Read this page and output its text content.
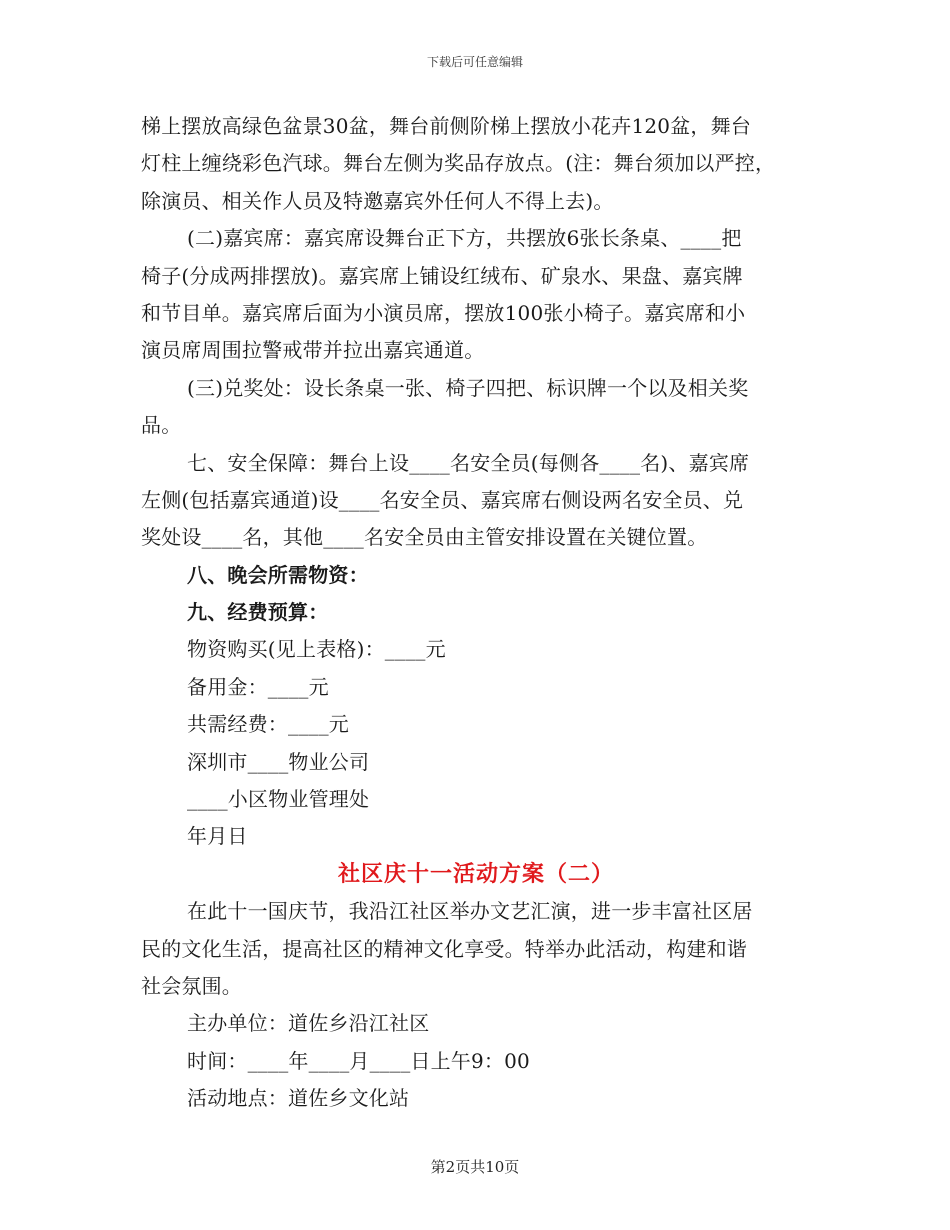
下载后可任意编辑
梯上摆放高绿色盆景30盆，舞台前侧阶梯上摆放小花卉120盆，舞台
灯柱上缠绕彩色汽球。舞台左侧为奖品存放点。(注：舞台须加以严控，
除演员、相关作人员及特邀嘉宾外任何人不得上去)。
(二)嘉宾席：嘉宾席设舞台正下方，共摆放6张长条桌、____把
椅子(分成两排摆放)。嘉宾席上铺设红绒布、矿泉水、果盘、嘉宾牌
和节目单。嘉宾席后面为小演员席，摆放100张小椅子。嘉宾席和小
演员席周围拉警戒带并拉出嘉宾通道。
(三)兑奖处：设长条桌一张、椅子四把、标识牌一个以及相关奖
品。
七、安全保障：舞台上设____名安全员(每侧各____名)、嘉宾席
左侧(包括嘉宾通道)设____名安全员、嘉宾席右侧设两名安全员、兑
奖处设____名，其他____名安全员由主管安排设置在关键位置。
八、晚会所需物资：
九、经费预算：
物资购买(见上表格)：____元
备用金：____元
共需经费：____元
深圳市____物业公司
____小区物业管理处
年月日
社区庆十一活动方案（二）
在此十一国庆节，我沿江社区举办文艺汇演，进一步丰富社区居
民的文化生活，提高社区的精神文化享受。特举办此活动，构建和谐
社会氛围。
主办单位：道佐乡沿江社区
时间：____年____月____日上午9：00
活动地点：道佐乡文化站
第2页共10页
